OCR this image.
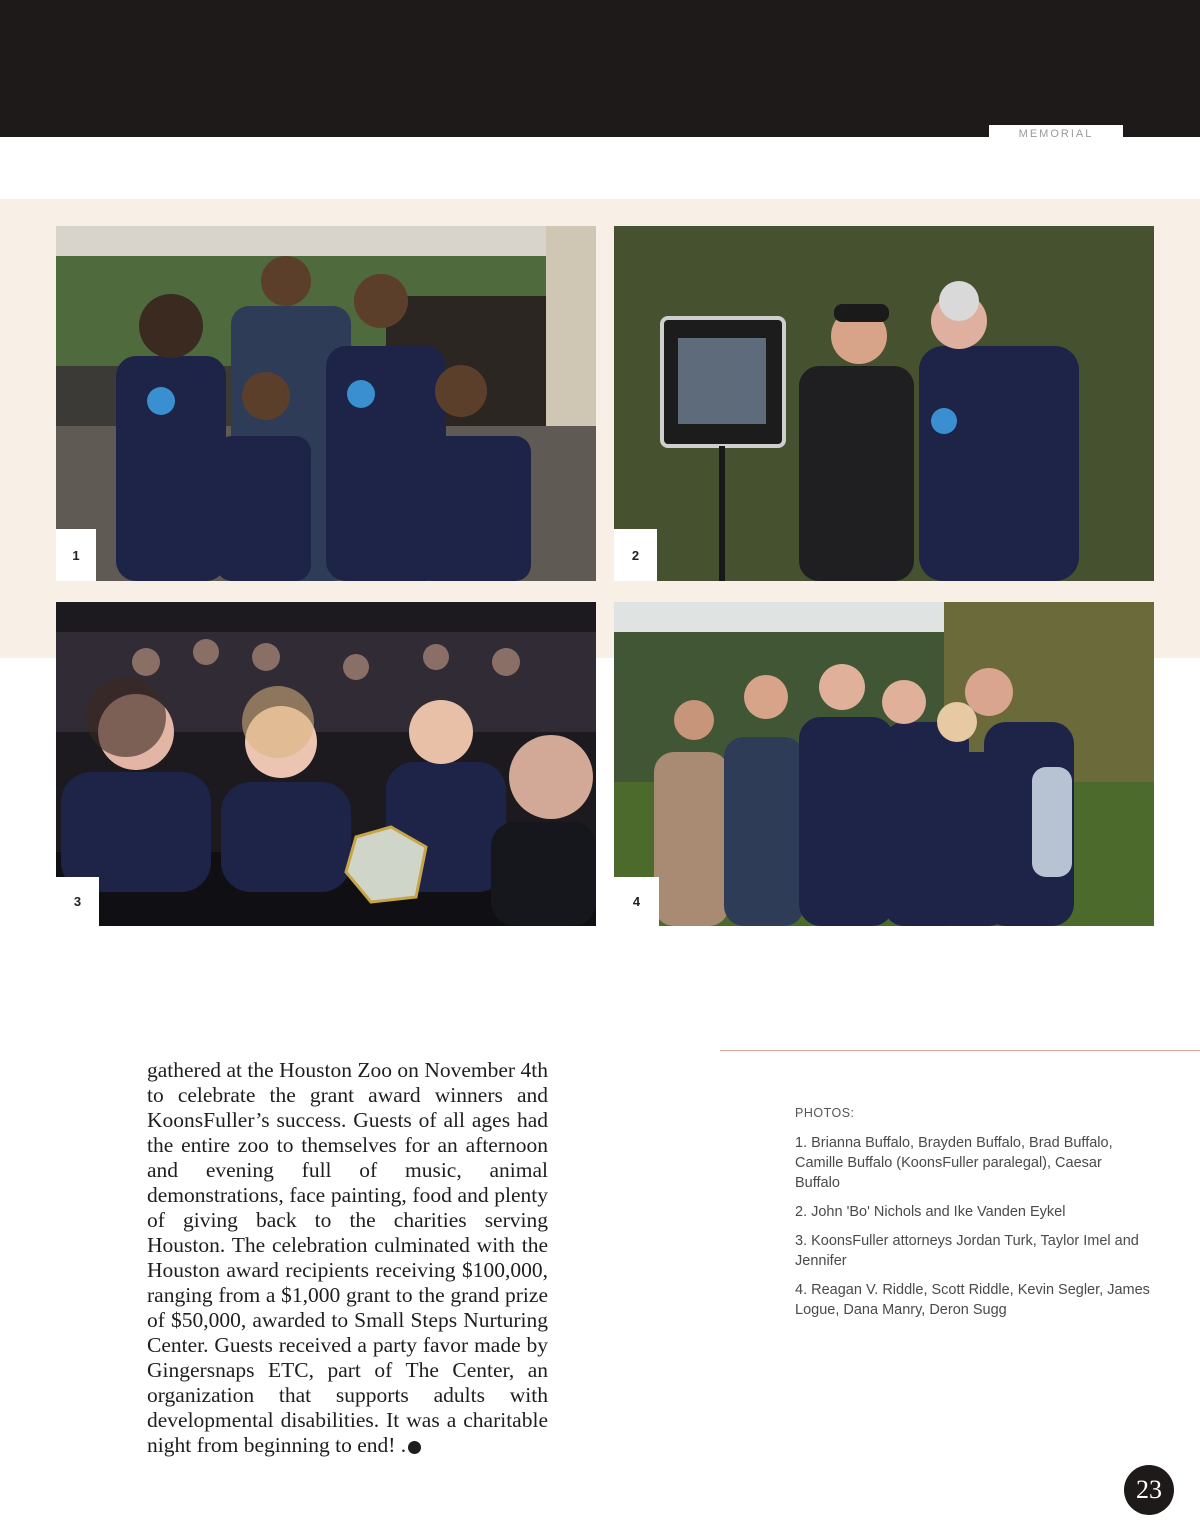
MEMORIAL
1	2
3	4

gathered at the Houston Zoo on November 4th to celebrate the grant award winners and KoonsFuller’s success. Guests of all ages had the entire zoo to themselves for an afternoon and evening full of music, animal demonstrations, face painting, food and plenty of giving back to the charities serving Houston. The celebration culminated with the Houston award recipients receiving $100,000, ranging from a $1,000 grant to the grand prize of $50,000, awarded to Small Steps Nurturing Center. Guests received a party favor made by Gingersnaps ETC, part of The Center, an organization that supports adults with developmental disabilities. It was a charitable night from beginning to end! .

PHOTOS:
1. Brianna Buffalo, Brayden Buffalo, Brad Buffalo, Camille Buffalo (KoonsFuller paralegal), Caesar Buffalo
2. John 'Bo' Nichols and Ike Vanden Eykel
3. KoonsFuller attorneys Jordan Turk, Taylor Imel and Jennifer
4. Reagan V. Riddle, Scott Riddle, Kevin Segler, James Logue, Dana Manry, Deron Sugg
23
